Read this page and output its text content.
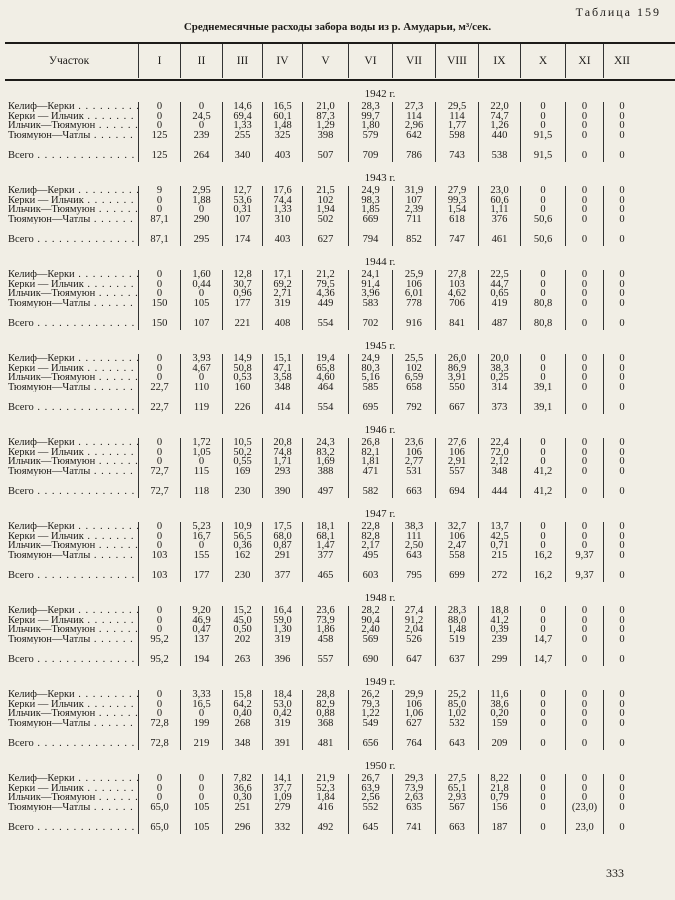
Таблица 159
Среднемесячные расходы забора воды из р. Амударьи, м³/сек.
Участок	I	II	III	IV	V	VI	VII	VIII	IX	X	XI	XII
1942 г.
Келиф—Керки . . .	0	0	14,6	16,5	21,0	28,3	27,3	29,5	22,0	0	0	0
Керки — Ильчик . . .	0	24,5	69,4	60,1	87,3	99,7	114	114	74,7	0	0	0
Ильчик—Тюямуюн . . .	0	0	1,33	1,48	1,29	1,80	2,96	1,77	1,26	0	0	0
Тюямуюн—Чатлы . . .	125	239	255	325	398	579	642	598	440	91,5	0	0
Всего . . .	125	264	340	403	507	709	786	743	538	91,5	0	0
1943 г.
Келиф—Керки . . .	9	2,95	12,7	17,6	21,5	24,9	31,9	27,9	23,0	0	0	0
Керки — Ильчик . . .	0	1,88	53,6	74,4	102	98,3	107	99,3	60,6	0	0	0
Ильчик—Тюямуюн . . .	0	0	0,31	1,33	1,94	1,85	2,39	1,54	1,11	0	0	0
Тюямуюн—Чатлы . . .	87,1	290	107	310	502	669	711	618	376	50,6	0	0
Всего . . .	87,1	295	174	403	627	794	852	747	461	50,6	0	0
1944 г.
Келиф—Керки . . .	0	1,60	12,8	17,1	21,2	24,1	25,9	27,8	22,5	0	0	0
Керки — Ильчик . . .	0	0,44	30,7	69,2	79,5	91,4	106	103	44,7	0	0	0
Ильчик—Тюямуюн . . .	0	0	0,96	2,71	4,36	3,96	6,01	4,62	0,65	0	0	0
Тюямуюн—Чатлы . . .	150	105	177	319	449	583	778	706	419	80,8	0	0
Всего . . .	150	107	221	408	554	702	916	841	487	80,8	0	0
1945 г.
Келиф—Керки . . .	0	3,93	14,9	15,1	19,4	24,9	25,5	26,0	20,0	0	0	0
Керки — Ильчик . . .	0	4,67	50,8	47,1	65,8	80,3	102	86,9	38,3	0	0	0
Ильчик—Тюямуюн . . .	0	0	0,53	3,58	4,60	5,16	6,59	3,91	0,25	0	0	0
Тюямуюн—Чатлы . . .	22,7	110	160	348	464	585	658	550	314	39,1	0	0
Всего . . .	22,7	119	226	414	554	695	792	667	373	39,1	0	0
1946 г.
Келиф—Керки . . .	0	1,72	10,5	20,8	24,3	26,8	23,6	27,6	22,4	0	0	0
Керки — Ильчик . . .	0	1,05	50,2	74,8	83,2	82,1	106	106	72,0	0	0	0
Ильчик—Тюямуюн . . .	0	0	0,55	1,71	1,69	1,81	2,77	2,91	2,12	0	0	0
Тюямуюн—Чатлы . . .	72,7	115	169	293	388	471	531	557	348	41,2	0	0
Всего . . .	72,7	118	230	390	497	582	663	694	444	41,2	0	0
1947 г.
Келиф—Керки . . .	0	5,23	10,9	17,5	18,1	22,8	38,3	32,7	13,7	0	0	0
Керки — Ильчик . . .	0	16,7	56,5	68,0	68,1	82,8	111	106	42,5	0	0	0
Ильчик—Тюямуюн . . .	0	0	0,36	0,87	1,47	2,17	2,50	2,47	0,71	0	0	0
Тюямуюн—Чатлы . . .	103	155	162	291	377	495	643	558	215	16,2	9,37	0
Всего . . .	103	177	230	377	465	603	795	699	272	16,2	9,37	0
1948 г.
Келиф—Керки . . .	0	9,20	15,2	16,4	23,6	28,2	27,4	28,3	18,8	0	0	0
Керки — Ильчик . . .	0	46,9	45,0	59,0	73,9	90,4	91,2	88,0	41,2	0	0	0
Ильчик—Тюямуюн . . .	0	0,47	0,50	1,30	1,86	2,40	2,04	1,48	0,39	0	0	0
Тюямуюн—Чатлы . . .	95,2	137	202	319	458	569	526	519	239	14,7	0	0
Всего . . .	95,2	194	263	396	557	690	647	637	299	14,7	0	0
1949 г.
Келиф—Керки . . .	0	3,33	15,8	18,4	28,8	26,2	29,9	25,2	11,6	0	0	0
Керки — Ильчик . . .	0	16,5	64,2	53,0	82,9	79,3	106	85,0	38,6	0	0	0
Ильчик—Тюямуюн . . .	0	0	0,40	0,42	0,88	1,22	1,06	1,02	0,20	0	0	0
Тюямуюн—Чатлы . . .	72,8	199	268	319	368	549	627	532	159	0	0	0
Всего . . .	72,8	219	348	391	481	656	764	643	209	0	0	0
1950 г.
Келиф—Керки . . .	0	0	7,82	14,1	21,9	26,7	29,3	27,5	8,22	0	0	0
Керки — Ильчик . . .	0	0	36,6	37,7	52,3	63,9	73,9	65,1	21,8	0	0	0
Ильчик—Тюямуюн . . .	0	0	0,30	1,09	1,84	2,56	2,63	2,93	0,79	0	0	0
Тюямуюн—Чатлы . . .	65,0	105	251	279	416	552	635	567	156	0	(23,0)	0
Всего . . .	65,0	105	296	332	492	645	741	663	187	0	23,0	0
333
